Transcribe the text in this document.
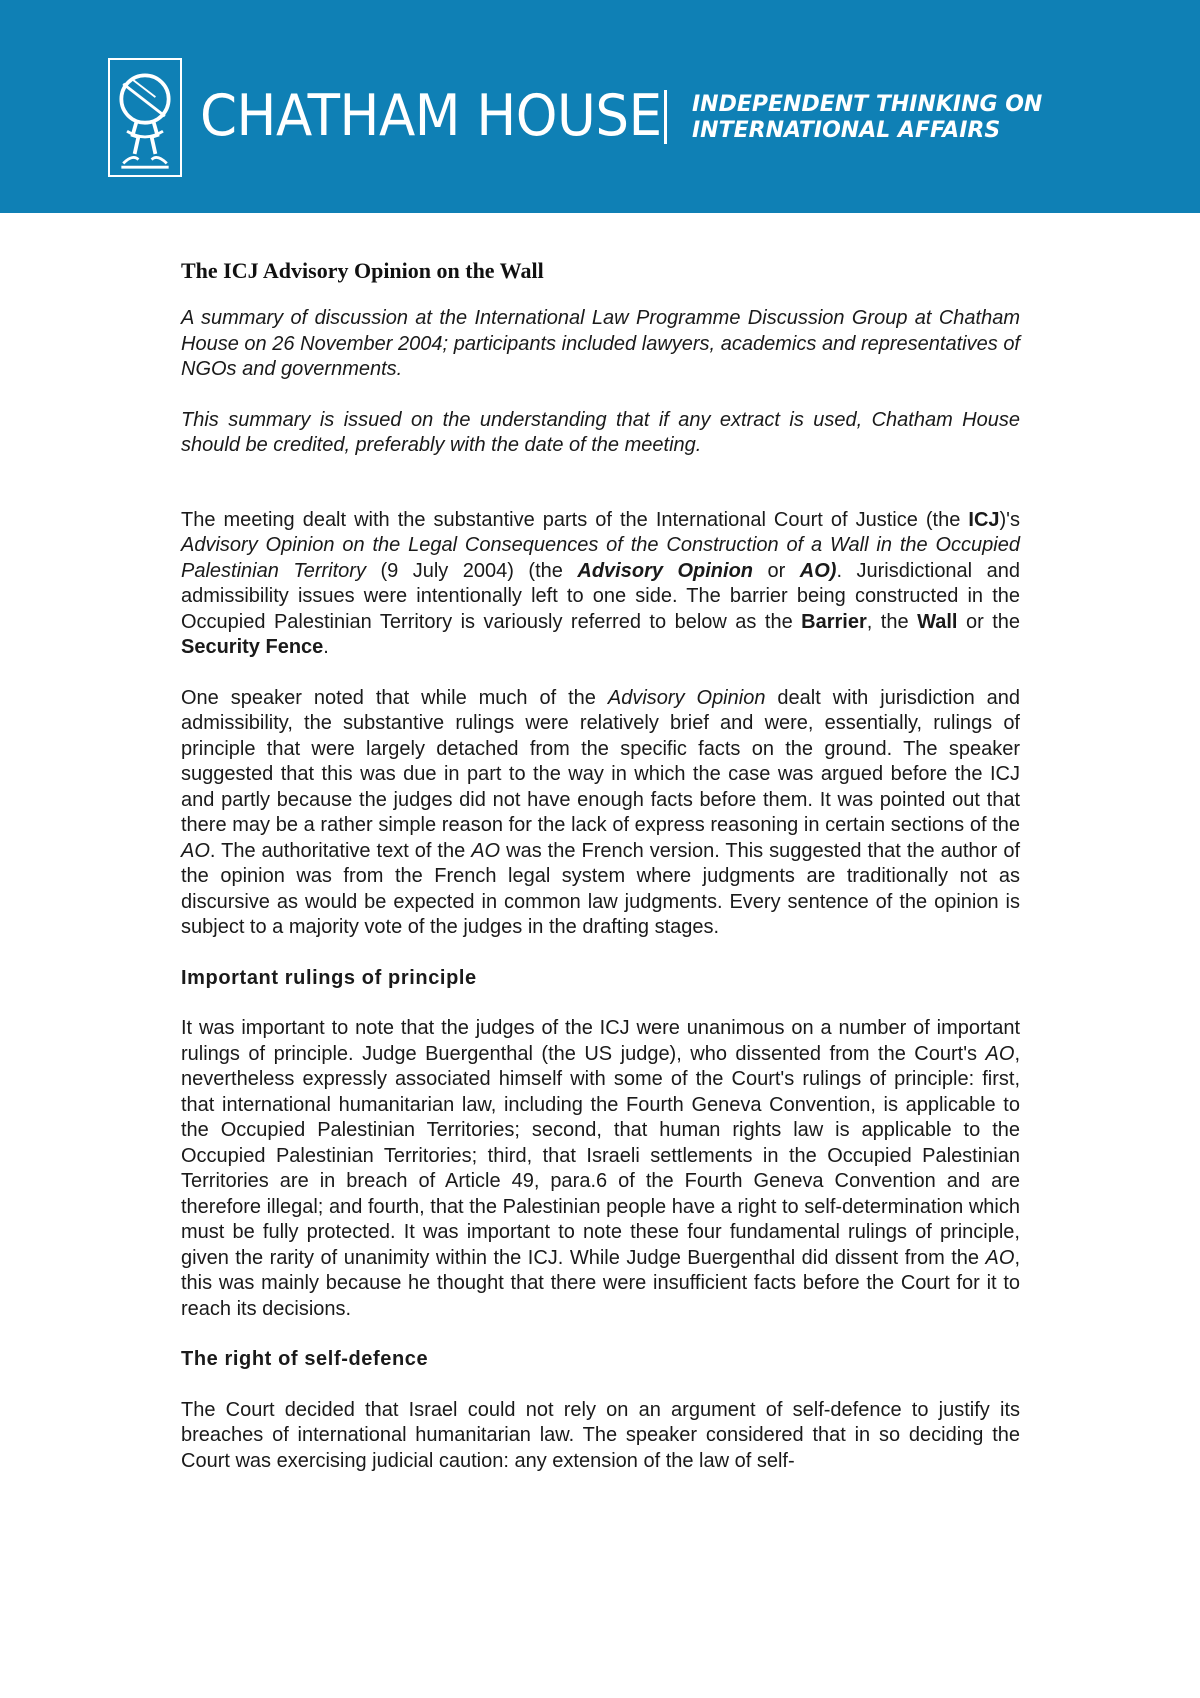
CHATHAM HOUSE INDEPENDENT THINKING ON
INTERNATIONAL AFFAIRS
The ICJ Advisory Opinion on the Wall

A summary of discussion at the International Law Programme Discussion Group at Chatham House on 26 November 2004; participants included lawyers, academics and representatives of NGOs and governments.

This summary is issued on the understanding that if any extract is used, Chatham House should be credited, preferably with the date of the meeting.

The meeting dealt with the substantive parts of the International Court of Justice (the ICJ)'s Advisory Opinion on the Legal Consequences of the Construction of a Wall in the Occupied Palestinian Territory (9 July 2004) (the Advisory Opinion or AO). Jurisdictional and admissibility issues were intentionally left to one side. The barrier being constructed in the Occupied Palestinian Territory is variously referred to below as the Barrier, the Wall or the Security Fence.

One speaker noted that while much of the Advisory Opinion dealt with jurisdiction and admissibility, the substantive rulings were relatively brief and were, essentially, rulings of principle that were largely detached from the specific facts on the ground. The speaker suggested that this was due in part to the way in which the case was argued before the ICJ and partly because the judges did not have enough facts before them. It was pointed out that there may be a rather simple reason for the lack of express reasoning in certain sections of the AO. The authoritative text of the AO was the French version. This suggested that the author of the opinion was from the French legal system where judgments are traditionally not as discursive as would be expected in common law judgments. Every sentence of the opinion is subject to a majority vote of the judges in the drafting stages.

Important rulings of principle

It was important to note that the judges of the ICJ were unanimous on a number of important rulings of principle. Judge Buergenthal (the US judge), who dissented from the Court's AO, nevertheless expressly associated himself with some of the Court's rulings of principle: first, that international humanitarian law, including the Fourth Geneva Convention, is applicable to the Occupied Palestinian Territories; second, that human rights law is applicable to the Occupied Palestinian Territories; third, that Israeli settlements in the Occupied Palestinian Territories are in breach of Article 49, para.6 of the Fourth Geneva Convention and are therefore illegal; and fourth, that the Palestinian people have a right to self-determination which must be fully protected. It was important to note these four fundamental rulings of principle, given the rarity of unanimity within the ICJ. While Judge Buergenthal did dissent from the AO, this was mainly because he thought that there were insufficient facts before the Court for it to reach its decisions.

The right of self-defence

The Court decided that Israel could not rely on an argument of self-defence to justify its breaches of international humanitarian law. The speaker considered that in so deciding the Court was exercising judicial caution: any extension of the law of self-
